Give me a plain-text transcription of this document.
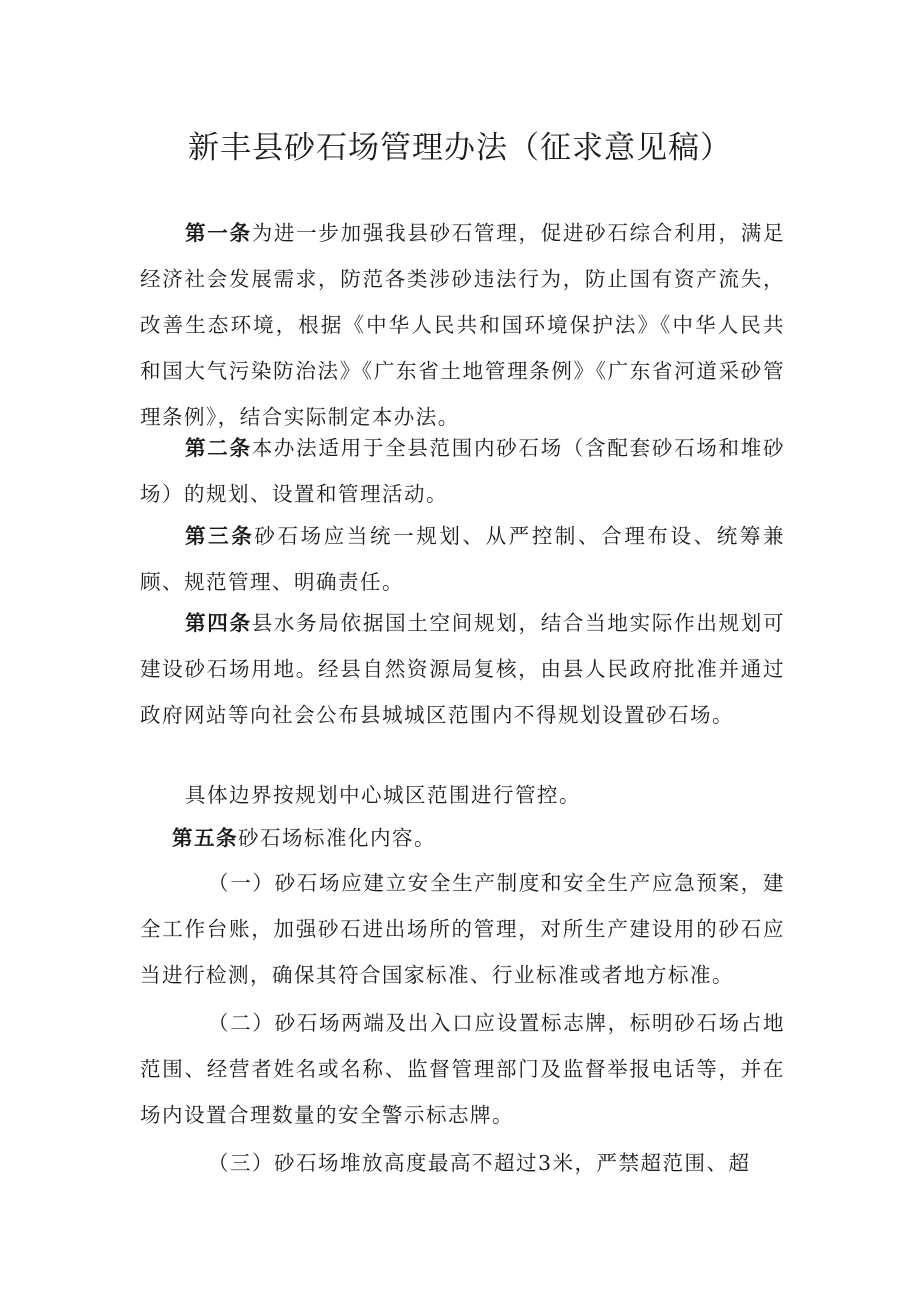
新丰县砂石场管理办法（征求意见稿）

第一条为进一步加强我县砂石管理，促进砂石综合利用，满足经济社会发展需求，防范各类涉砂违法行为，防止国有资产流失，改善生态环境，根据《中华人民共和国环境保护法》《中华人民共和国大气污染防治法》《广东省土地管理条例》《广东省河道采砂管理条例》，结合实际制定本办法。

第二条本办法适用于全县范围内砂石场（含配套砂石场和堆砂场）的规划、设置和管理活动。

第三条砂石场应当统一规划、从严控制、合理布设、统筹兼顾、规范管理、明确责任。

第四条县水务局依据国土空间规划，结合当地实际作出规划可建设砂石场用地。经县自然资源局复核，由县人民政府批准并通过政府网站等向社会公布县城城区范围内不得规划设置砂石场。

具体边界按规划中心城区范围进行管控。

第五条砂石场标准化内容。

（一）砂石场应建立安全生产制度和安全生产应急预案，建全工作台账，加强砂石进出场所的管理，对所生产建设用的砂石应当进行检测，确保其符合国家标准、行业标准或者地方标准。

（二）砂石场两端及出入口应设置标志牌，标明砂石场占地范围、经营者姓名或名称、监督管理部门及监督举报电话等，并在场内设置合理数量的安全警示标志牌。

（三）砂石场堆放高度最高不超过3米，严禁超范围、超
